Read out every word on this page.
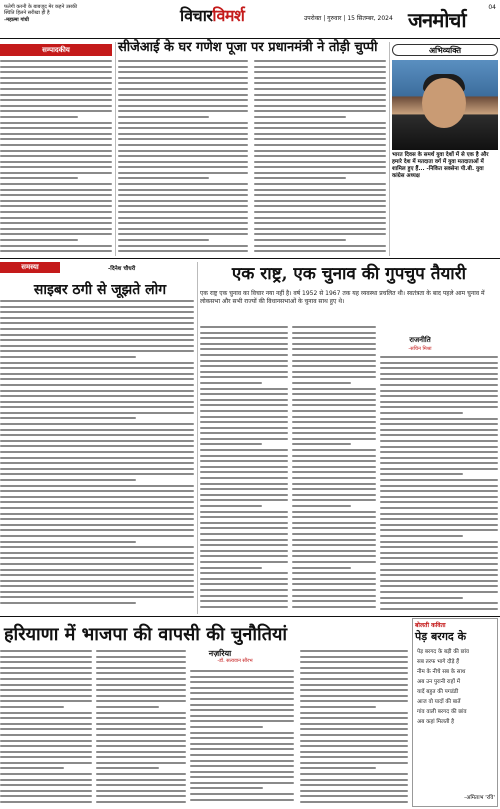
फतेगी करनी के बाबजूद मेर कहने उसकी स्थिति हिलने सरीखा ही है
-महात्मा गांधी	विचारविमर्श	उपरोक्त | गुरुवार | 15 सितम्बर, 2024 जनमोर्चा
04
सम्पादकीय	सीजेआई के घर गणेश पूजा पर प्रधानमंत्री ने तोड़ी चुप्पी	अभिव्यक्ति
भारत दिवस के समर्थ युवा देशों में से एक है और हमारे देश में मतदाता वर्ग में युवा मतदाताओं में शामिल हुए हैं... -निकित सक्सेना पी.बी. युवा कांग्रेस अध्यक्ष
समस्या	-दिनेश चौधरी
साइबर ठगी से जूझते लोग
एक राष्ट्र, एक चुनाव की गुपचुप तैयारी
एक राष्ट्र एक चुनाव का विचार नया नहीं है। वर्ष 1952 से 1967 तक यह व्यवस्था प्रचलित थी। स्वतंत्रता के बाद पहले आम चुनाव में लोकसभा और सभी राज्यों की विधानसभाओं के चुनाव साथ हुए थे।
राजनीति
-सचिन मिश्रा
हरियाणा में भाजपा की वापसी की चुनौतियां
नज़रिया
-डॉ. सत्यवान सौरभ
बोलती कविता
पेड़ बरगद के
पेड़ बरगद के बड़ी की छांव
सब तरफ भागे दौड़े हैं
नीम के नीचे सब के साथ
अब उन पुरानी राहों में
यादें बहुत की पगडंडी
आज वो यादों की बातें
गांव वाली बरगद की छांव
अब कहां मिलती है
-अमिताभ 'रवि'
